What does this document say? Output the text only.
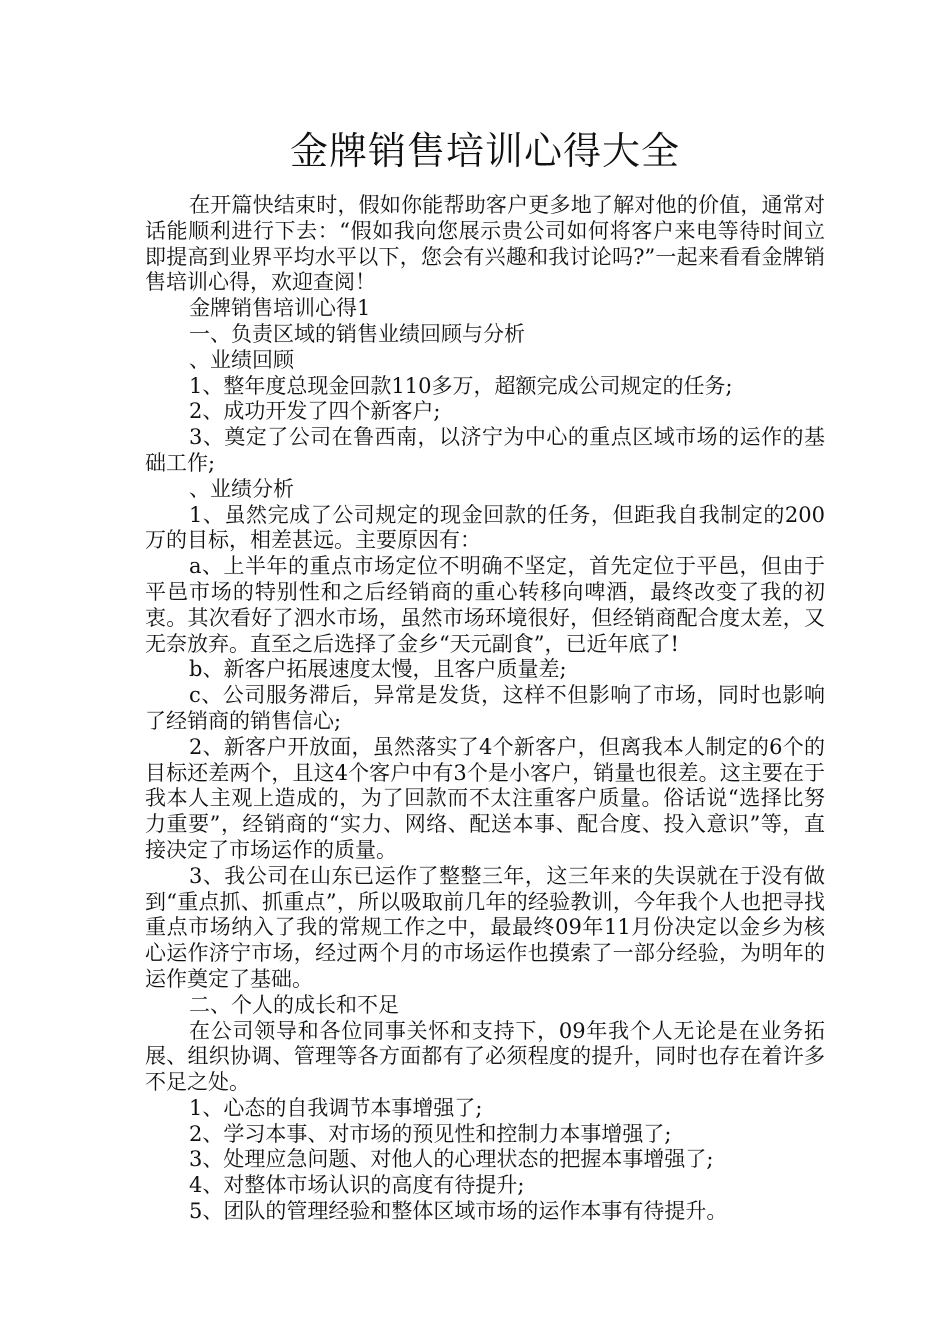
金牌销售培训心得大全

在开篇快结束时，假如你能帮助客户更多地了解对他的价值，通常对话能顺利进行下去：“假如我向您展示贵公司如何将客户来电等待时间立即提高到业界平均水平以下，您会有兴趣和我讨论吗?”一起来看看金牌销售培训心得，欢迎查阅！

金牌销售培训心得1

一、负责区域的销售业绩回顾与分析

、业绩回顾

1、整年度总现金回款110多万，超额完成公司规定的任务;

2、成功开发了四个新客户;

3、奠定了公司在鲁西南，以济宁为中心的重点区域市场的运作的基础工作;

、业绩分析

1、虽然完成了公司规定的现金回款的任务，但距我自我制定的200万的目标，相差甚远。主要原因有：

a、上半年的重点市场定位不明确不坚定，首先定位于平邑，但由于平邑市场的特别性和之后经销商的重心转移向啤酒，最终改变了我的初衷。其次看好了泗水市场，虽然市场环境很好，但经销商配合度太差，又无奈放弃。直至之后选择了金乡“天元副食”，已近年底了!

b、新客户拓展速度太慢，且客户质量差;

c、公司服务滞后，异常是发货，这样不但影响了市场，同时也影响了经销商的销售信心;

2、新客户开放面，虽然落实了4个新客户，但离我本人制定的6个的目标还差两个，且这4个客户中有3个是小客户，销量也很差。这主要在于我本人主观上造成的，为了回款而不太注重客户质量。俗话说“选择比努力重要”，经销商的“实力、网络、配送本事、配合度、投入意识”等，直接决定了市场运作的质量。

3、我公司在山东已运作了整整三年，这三年来的失误就在于没有做到“重点抓、抓重点”，所以吸取前几年的经验教训，今年我个人也把寻找重点市场纳入了我的常规工作之中，最最终09年11月份决定以金乡为核心运作济宁市场，经过两个月的市场运作也摸索了一部分经验，为明年的运作奠定了基础。

二、个人的成长和不足

在公司领导和各位同事关怀和支持下，09年我个人无论是在业务拓展、组织协调、管理等各方面都有了必须程度的提升，同时也存在着许多不足之处。

1、心态的自我调节本事增强了;

2、学习本事、对市场的预见性和控制力本事增强了;

3、处理应急问题、对他人的心理状态的把握本事增强了;

4、对整体市场认识的高度有待提升;

5、团队的管理经验和整体区域市场的运作本事有待提升。
